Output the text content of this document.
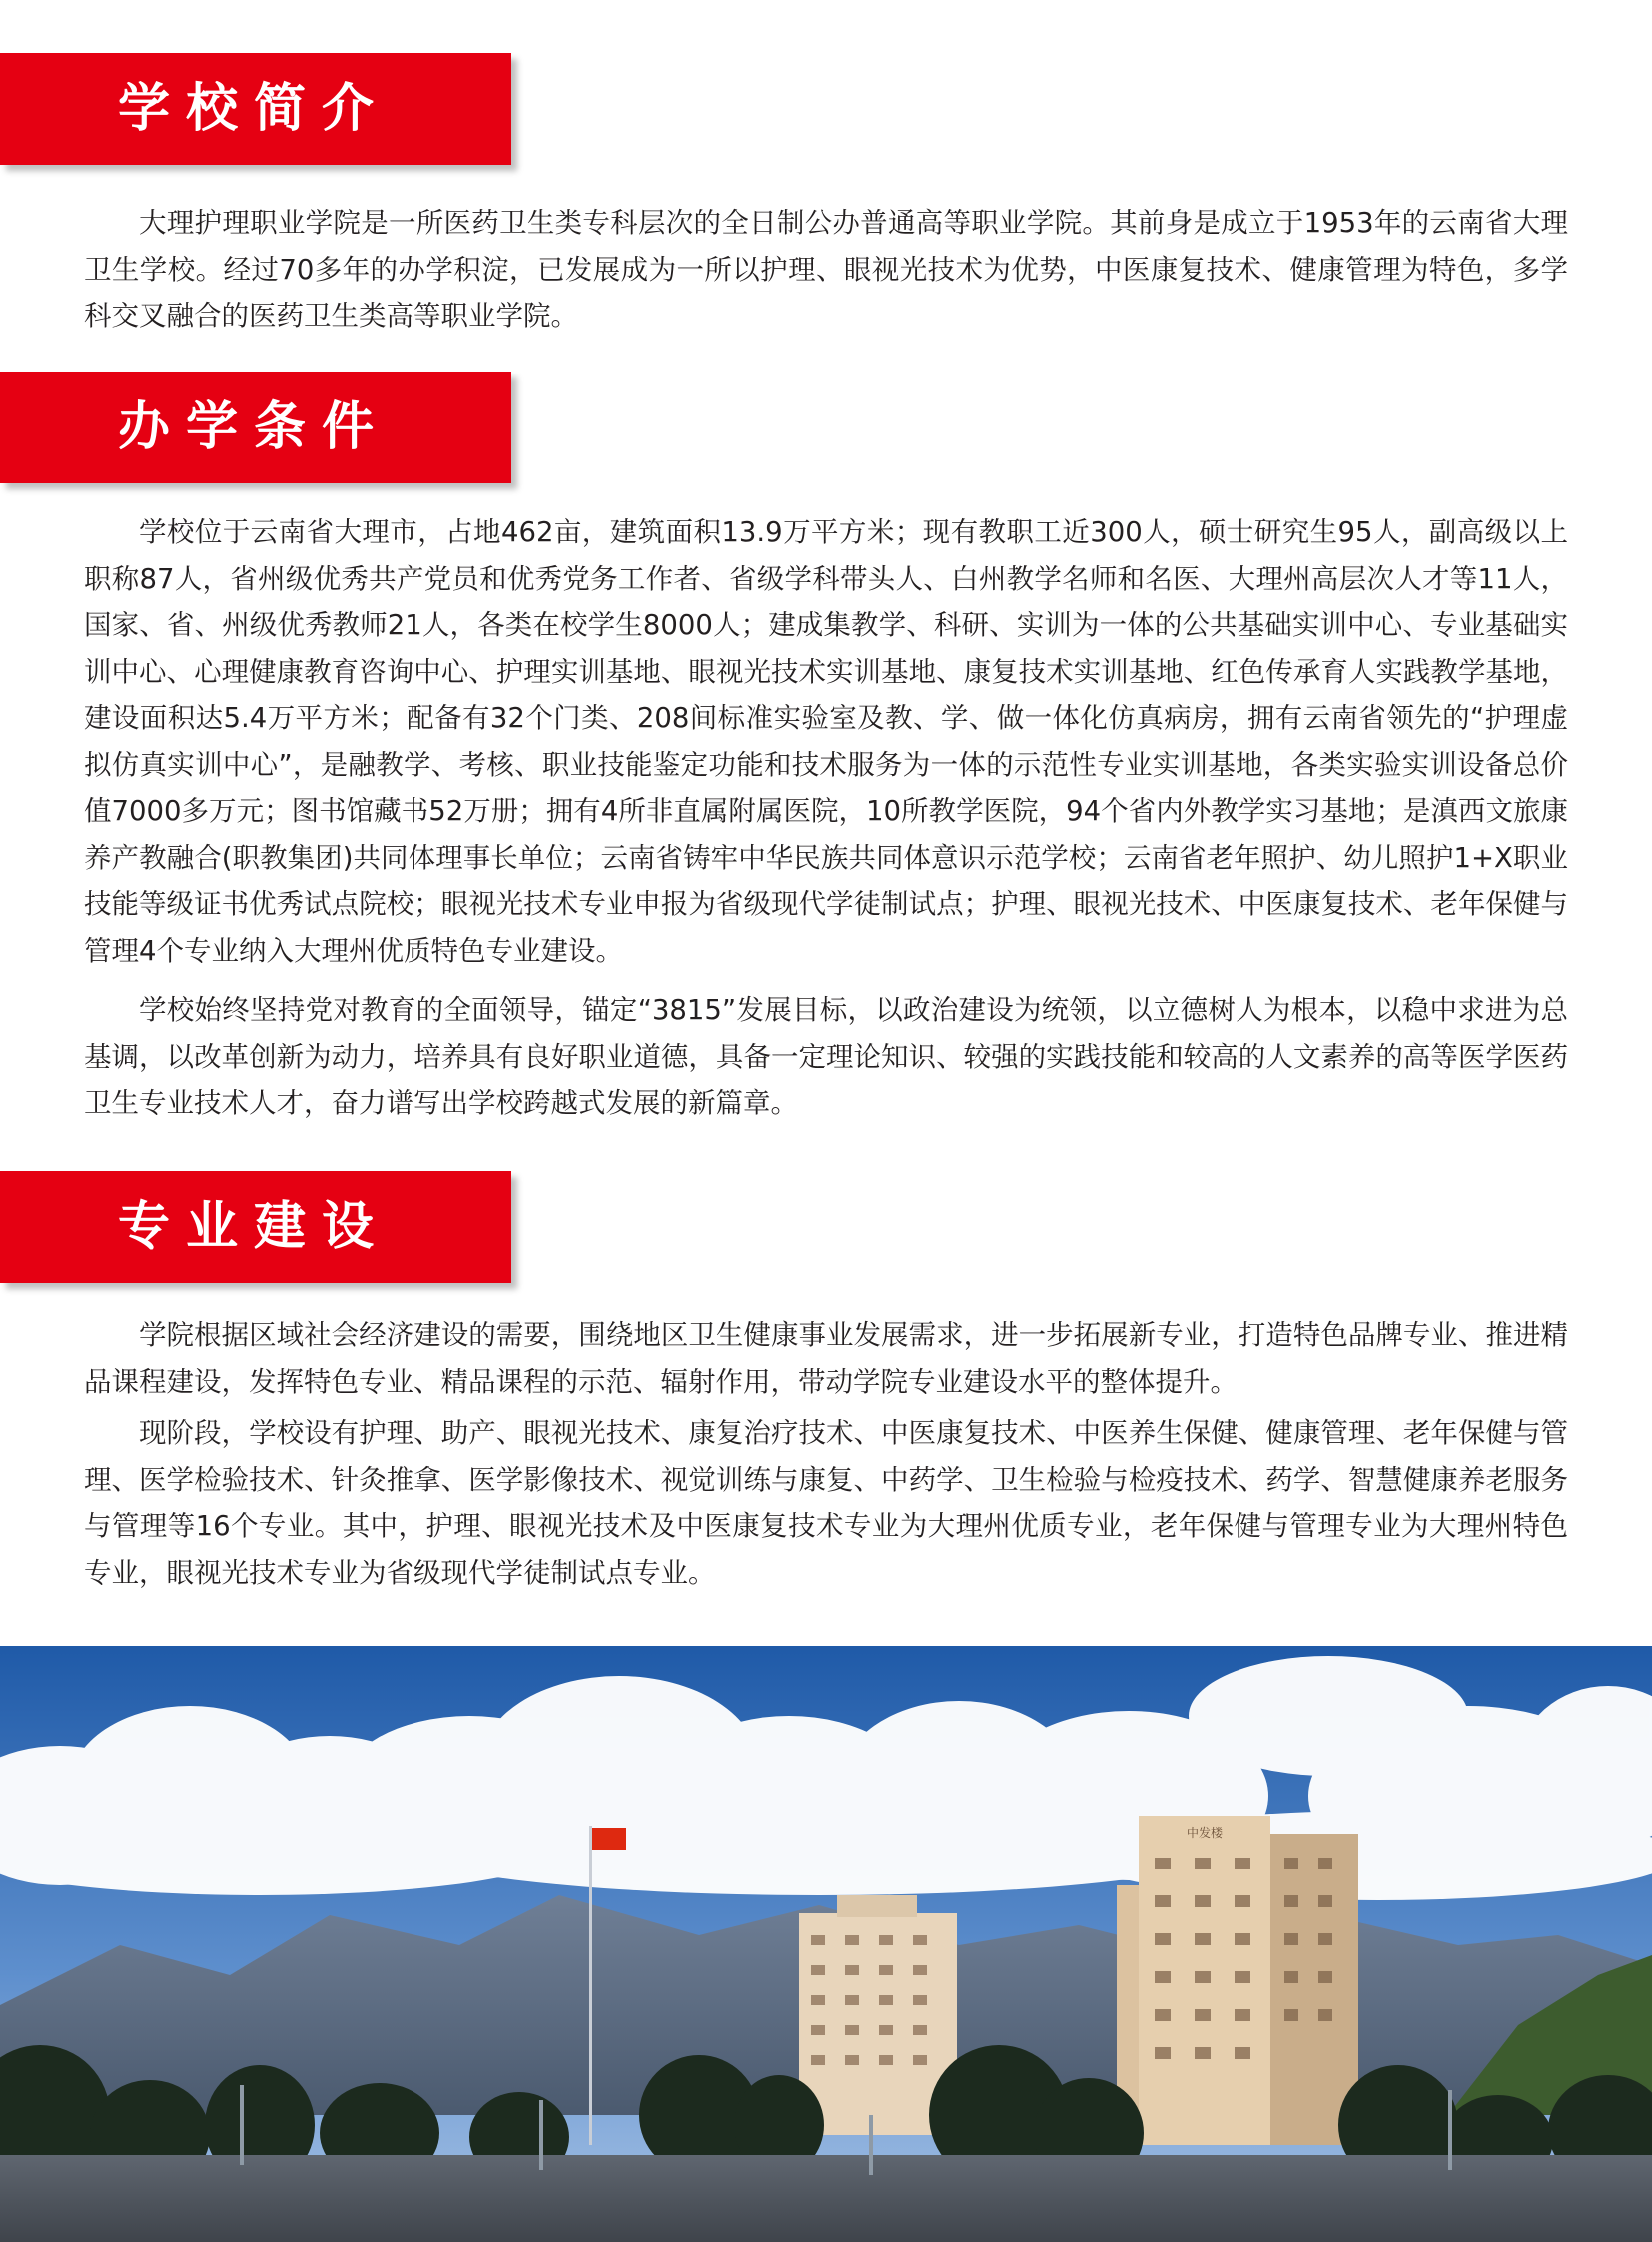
学校简介

大理护理职业学院是一所医药卫生类专科层次的全日制公办普通高等职业学院。其前身是成立于1953年的云南省大理卫生学校。经过70多年的办学积淀，已发展成为一所以护理、眼视光技术为优势，中医康复技术、健康管理为特色，多学科交叉融合的医药卫生类高等职业学院。

办学条件

学校位于云南省大理市，占地462亩，建筑面积13.9万平方米；现有教职工近300人，硕士研究生95人，副高级以上职称87人，省州级优秀共产党员和优秀党务工作者、省级学科带头人、白州教学名师和名医、大理州高层次人才等11人，国家、省、州级优秀教师21人，各类在校学生8000人；建成集教学、科研、实训为一体的公共基础实训中心、专业基础实训中心、心理健康教育咨询中心、护理实训基地、眼视光技术实训基地、康复技术实训基地、红色传承育人实践教学基地，建设面积达5.4万平方米；配备有32个门类、208间标准实验室及教、学、做一体化仿真病房，拥有云南省领先的“护理虚拟仿真实训中心”，是融教学、考核、职业技能鉴定功能和技术服务为一体的示范性专业实训基地，各类实验实训设备总价值7000多万元；图书馆藏书52万册；拥有4所非直属附属医院，10所教学医院，94个省内外教学实习基地；是滇西文旅康养产教融合(职教集团)共同体理事长单位；云南省铸牢中华民族共同体意识示范学校；云南省老年照护、幼儿照护1+X职业技能等级证书优秀试点院校；眼视光技术专业申报为省级现代学徒制试点；护理、眼视光技术、中医康复技术、老年保健与管理4个专业纳入大理州优质特色专业建设。

学校始终坚持党对教育的全面领导，锚定“3815”发展目标，以政治建设为统领，以立德树人为根本，以稳中求进为总基调，以改革创新为动力，培养具有良好职业道德，具备一定理论知识、较强的实践技能和较高的人文素养的高等医学医药卫生专业技术人才，奋力谱写出学校跨越式发展的新篇章。

专业建设

学院根据区域社会经济建设的需要，围绕地区卫生健康事业发展需求，进一步拓展新专业，打造特色品牌专业、推进精品课程建设，发挥特色专业、精品课程的示范、辐射作用，带动学院专业建设水平的整体提升。

现阶段，学校设有护理、助产、眼视光技术、康复治疗技术、中医康复技术、中医养生保健、健康管理、老年保健与管理、医学检验技术、针灸推拿、医学影像技术、视觉训练与康复、中药学、卫生检验与检疫技术、药学、智慧健康养老服务与管理等16个专业。其中，护理、眼视光技术及中医康复技术专业为大理州优质专业，老年保健与管理专业为大理州特色专业，眼视光技术专业为省级现代学徒制试点专业。

中发楼
